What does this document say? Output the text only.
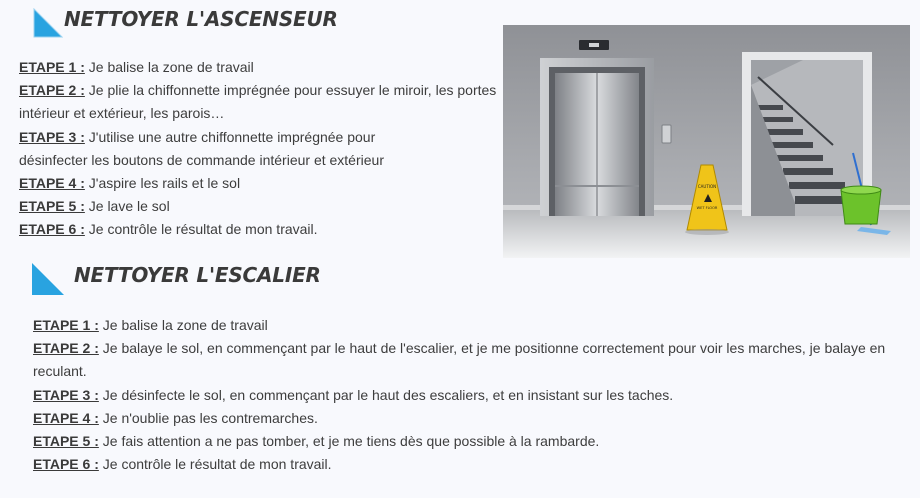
NETTOYER L'ASCENSEUR

ETAPE 1 : Je balise la zone de travail

ETAPE 2 : Je plie la chiffonnette imprégnée pour essuyer le miroir, les portes intérieur et extérieur, les parois…

ETAPE 3 : J'utilise une autre chiffonnette imprégnée pour désinfecter les boutons de commande intérieur et extérieur

ETAPE 4 : J'aspire les rails et le sol

ETAPE 5 : Je lave le sol

ETAPE 6 : Je contrôle le résultat de mon travail.

CAUTION
WET FLOOR
NETTOYER L'ESCALIER

ETAPE 1 : Je balise la zone de travail

ETAPE 2 : Je balaye le sol, en commençant par le haut de l'escalier, et je me positionne correctement pour voir les marches, je balaye en reculant.

ETAPE 3 : Je désinfecte le sol, en commençant par le haut des escaliers, et en insistant sur les taches.

ETAPE 4 : Je n'oublie pas les contremarches.

ETAPE 5 : Je fais attention a ne pas tomber, et je me tiens dès que possible à la rambarde.

ETAPE 6 : Je contrôle le résultat de mon travail.
